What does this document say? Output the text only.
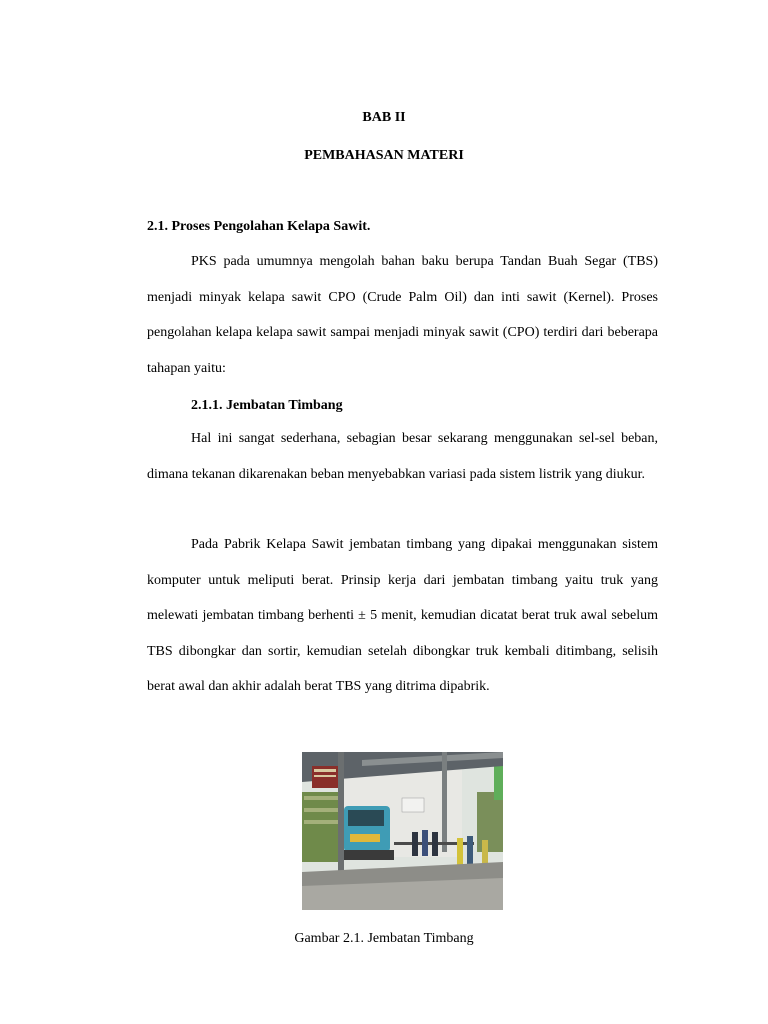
BAB II
PEMBAHASAN MATERI
2.1. Proses Pengolahan Kelapa Sawit.
PKS pada umumnya mengolah bahan baku berupa Tandan Buah Segar (TBS) menjadi minyak kelapa sawit CPO (Crude Palm Oil) dan inti sawit (Kernel). Proses pengolahan kelapa kelapa sawit sampai menjadi minyak sawit (CPO) terdiri dari beberapa tahapan yaitu:
2.1.1. Jembatan Timbang
Hal ini sangat sederhana, sebagian besar sekarang menggunakan sel-sel beban, dimana tekanan dikarenakan beban menyebabkan variasi pada sistem listrik yang diukur.
Pada Pabrik Kelapa Sawit jembatan timbang yang dipakai menggunakan sistem komputer untuk meliputi berat. Prinsip kerja dari jembatan timbang yaitu truk yang melewati jembatan timbang berhenti ± 5 menit, kemudian dicatat berat truk awal sebelum TBS dibongkar dan sortir, kemudian setelah dibongkar truk kembali ditimbang, selisih berat awal dan akhir adalah berat TBS yang ditrima dipabrik.
Gambar 2.1. Jembatan Timbang
